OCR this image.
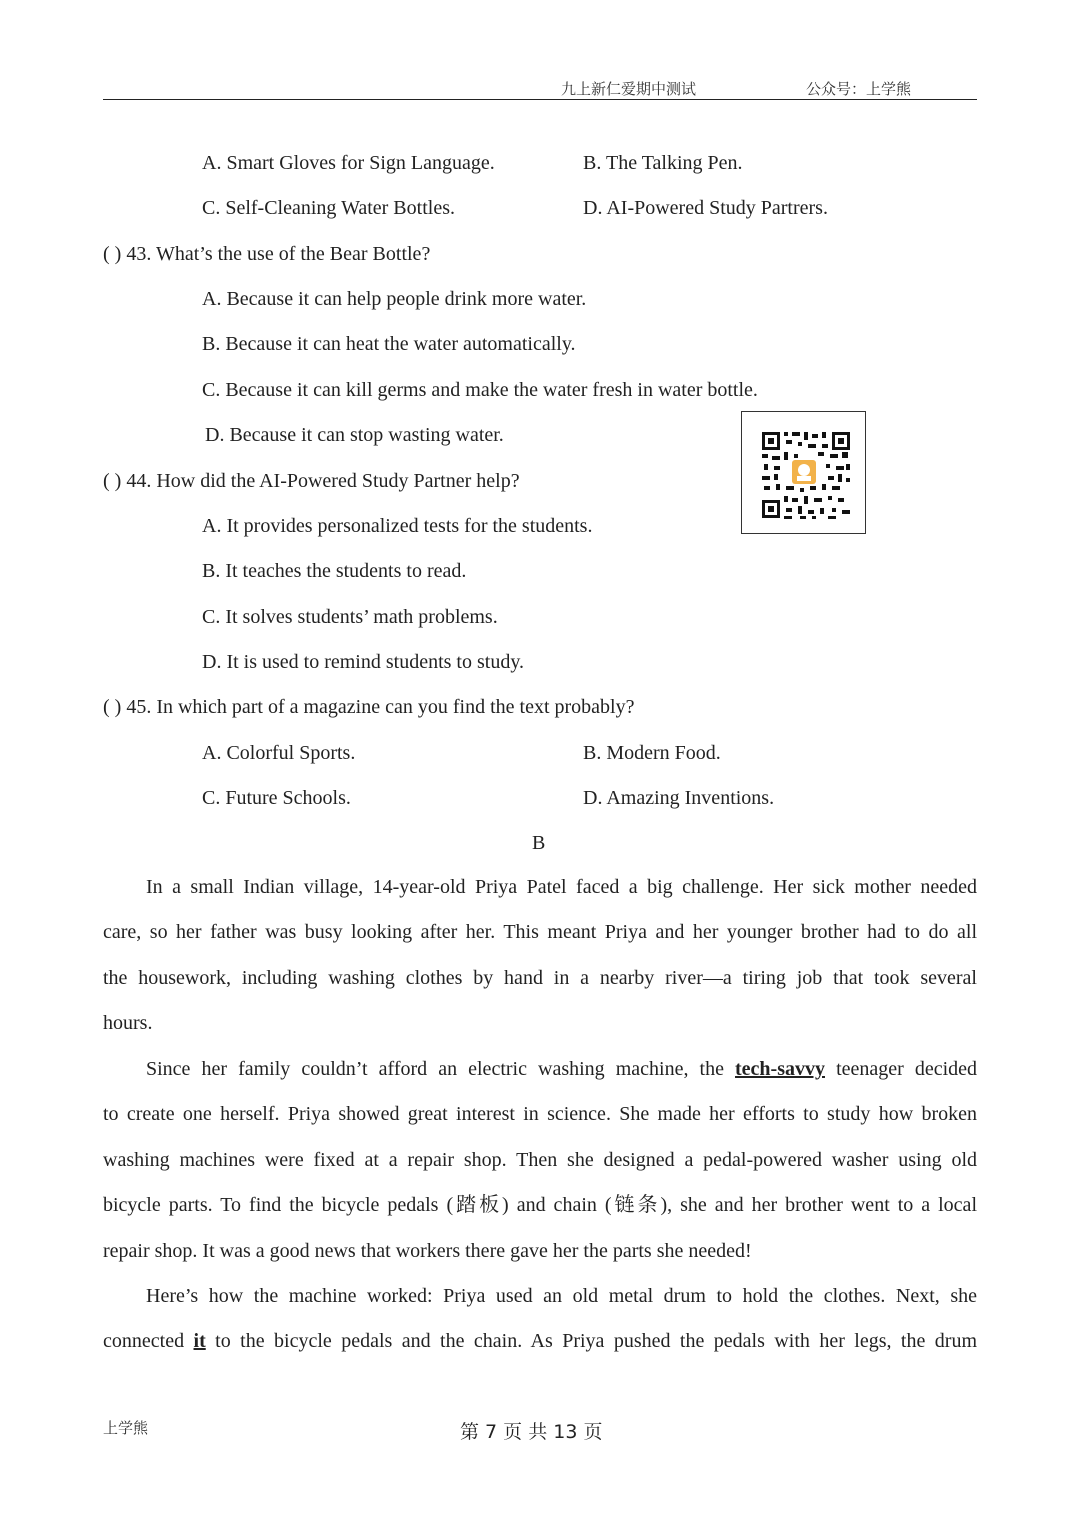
九上新仁爱期中测试	公众号：上学熊
A. Smart Gloves for Sign Language.	B. The Talking Pen.
C. Self-Cleaning Water Bottles.	D. AI-Powered Study Partrers.
( ) 43. What’s the use of the Bear Bottle?
A. Because it can help people drink more water.
B. Because it can heat the water automatically.
C. Because it can kill germs and make the water fresh in water bottle.
D. Because it can stop wasting water.
( ) 44. How did the AI-Powered Study Partner help?
A. It provides personalized tests for the students.
B. It teaches the students to read.
C. It solves students’ math problems.
D. It is used to remind students to study.
( ) 45. In which part of a magazine can you find the text probably?
A. Colorful Sports.	B. Modern Food.
C. Future Schools.	D. Amazing Inventions.
B
In a small Indian village, 14-year-old Priya Patel faced a big challenge. Her sick mother needed
care, so her father was busy looking after her. This meant Priya and her younger brother had to do all
the housework, including washing clothes by hand in a nearby river—a tiring job that took several
hours.
Since her family couldn’t afford an electric washing machine, the tech-savvy teenager decided
to create one herself. Priya showed great interest in science. She made her efforts to study how broken
washing machines were fixed at a repair shop. Then she designed a pedal-powered washer using old
bicycle parts. To find the bicycle pedals (踏板) and chain (链条), she and her brother went to a local
repair shop. It was a good news that workers there gave her the parts she needed!
Here’s how the machine worked: Priya used an old metal drum to hold the clothes. Next, she
connected it to the bicycle pedals and the chain. As Priya pushed the pedals with her legs, the drum
上学熊	第 7 页 共 13 页
